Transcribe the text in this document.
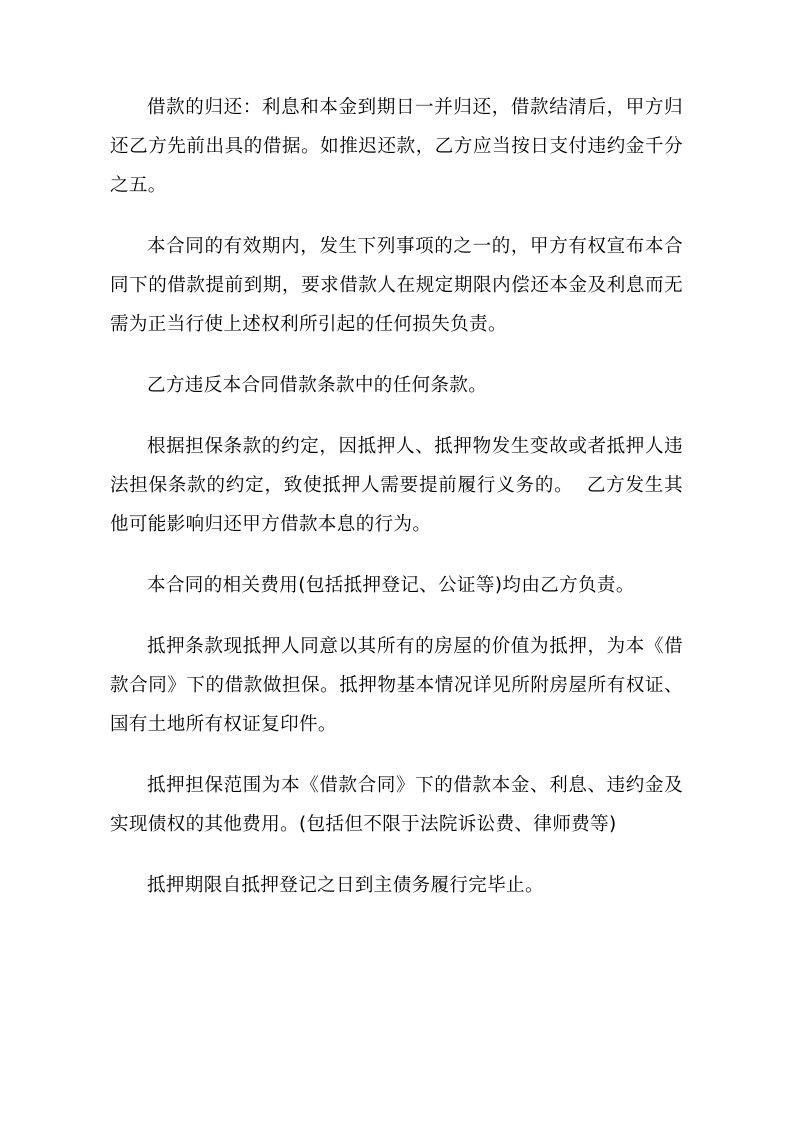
借款的归还：利息和本金到期日一并归还，借款结清后，甲方归还乙方先前出具的借据。如推迟还款，乙方应当按日支付违约金千分之五。

本合同的有效期内，发生下列事项的之一的，甲方有权宣布本合同下的借款提前到期，要求借款人在规定期限内偿还本金及利息而无需为正当行使上述权利所引起的任何损失负责。

乙方违反本合同借款条款中的任何条款。

根据担保条款的约定，因抵押人、抵押物发生变故或者抵押人违法担保条款的约定，致使抵押人需要提前履行义务的。  乙方发生其他可能影响归还甲方借款本息的行为。

本合同的相关费用(包括抵押登记、公证等)均由乙方负责。

抵押条款现抵押人同意以其所有的房屋的价值为抵押，为本《借款合同》下的借款做担保。抵押物基本情况详见所附房屋所有权证、国有土地所有权证复印件。

抵押担保范围为本《借款合同》下的借款本金、利息、违约金及实现债权的其他费用。(包括但不限于法院诉讼费、律师费等)

抵押期限自抵押登记之日到主债务履行完毕止。
